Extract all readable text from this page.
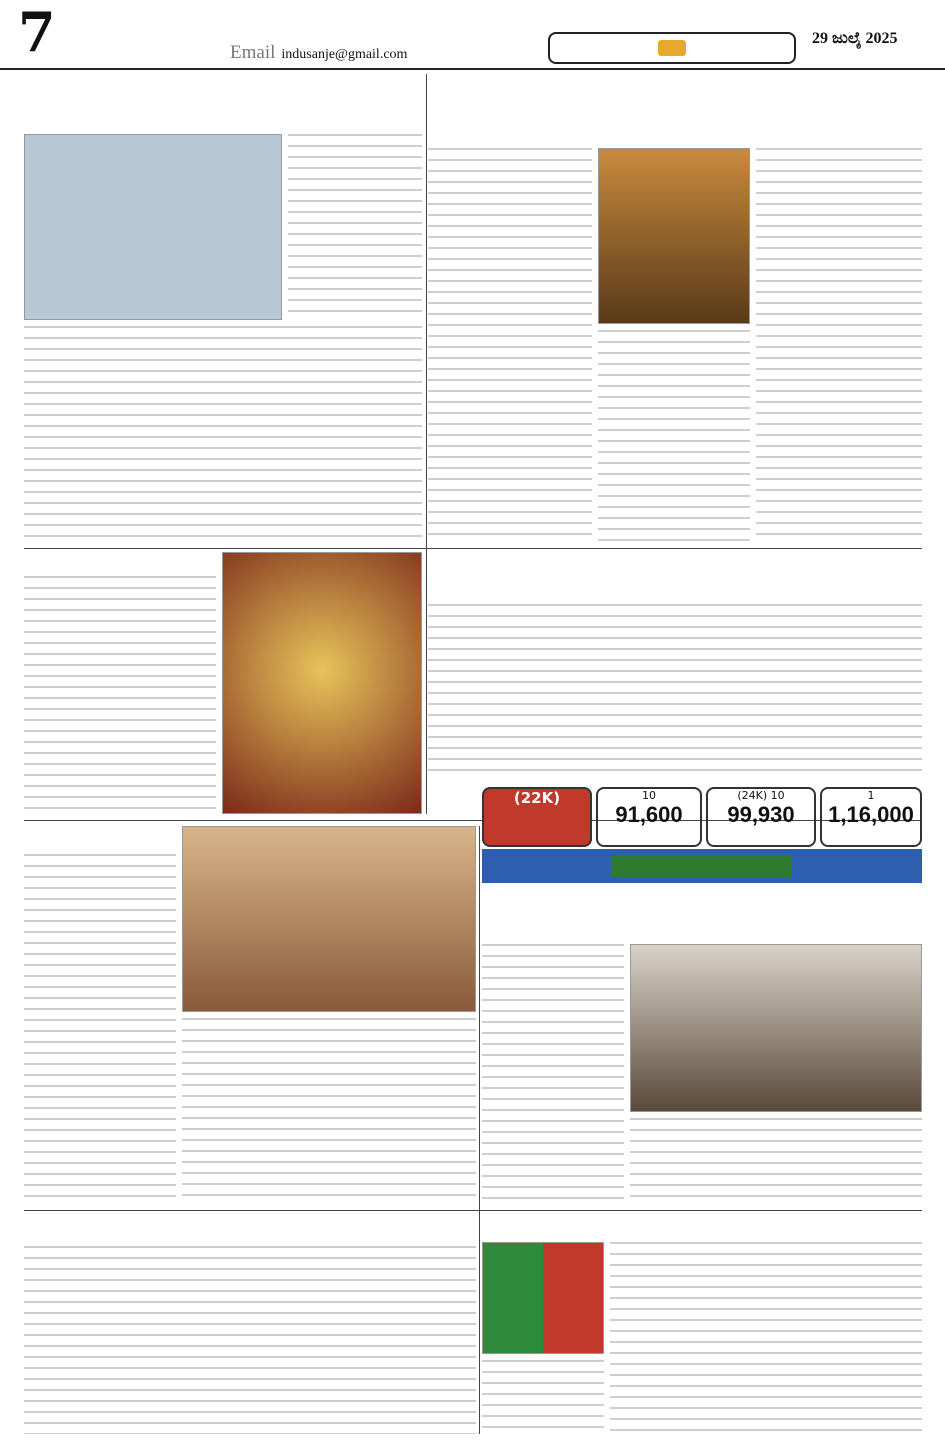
7	Email indusanje@gmail.com
29 ಜುಲೈ 2025
(22K)	10
91,600
(24K) 10
99,930
1
1,16,000
